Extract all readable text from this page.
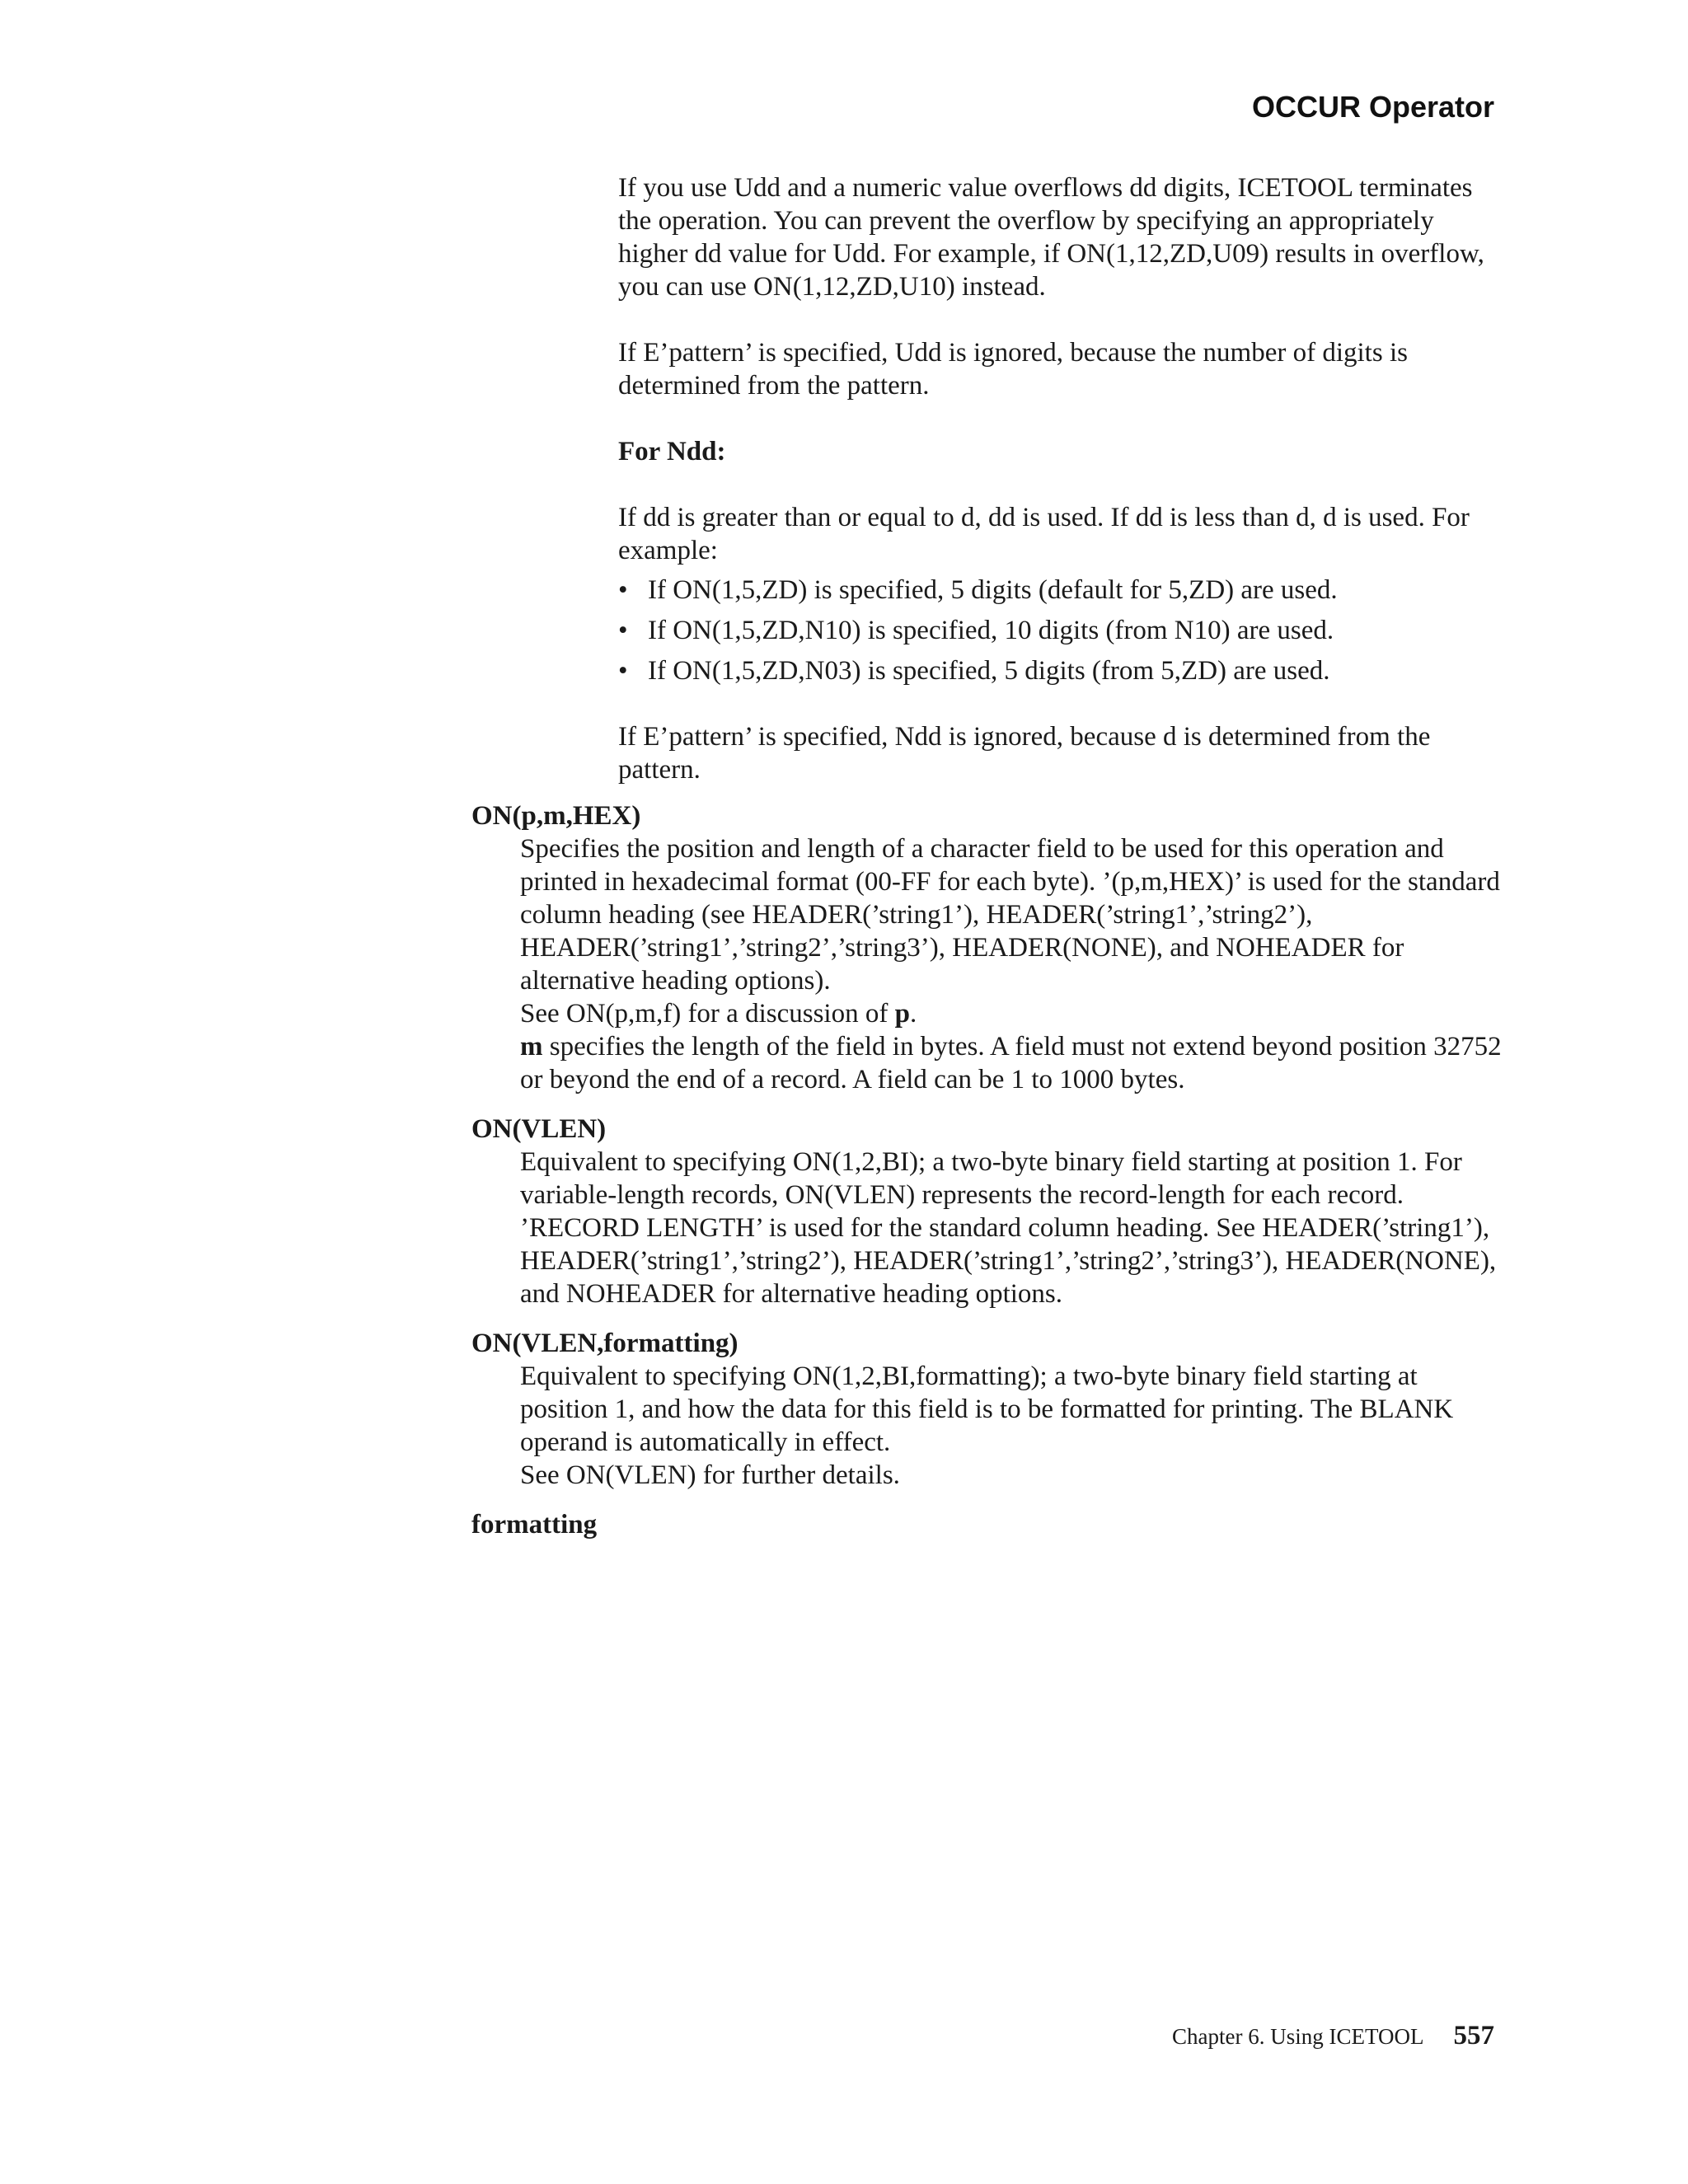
OCCUR Operator

If you use Udd and a numeric value overflows dd digits, ICETOOL terminates the operation. You can prevent the overflow by specifying an appropriately higher dd value for Udd. For example, if ON(1,12,ZD,U09) results in overflow, you can use ON(1,12,ZD,U10) instead.

If E’pattern’ is specified, Udd is ignored, because the number of digits is determined from the pattern.

For Ndd:

If dd is greater than or equal to d, dd is used. If dd is less than d, d is used. For example:

• If ON(1,5,ZD) is specified, 5 digits (default for 5,ZD) are used.
• If ON(1,5,ZD,N10) is specified, 10 digits (from N10) are used.
• If ON(1,5,ZD,N03) is specified, 5 digits (from 5,ZD) are used.

If E’pattern’ is specified, Ndd is ignored, because d is determined from the pattern.

ON(p,m,HEX)

Specifies the position and length of a character field to be used for this operation and printed in hexadecimal format (00-FF for each byte). ’(p,m,HEX)’ is used for the standard column heading (see HEADER(’string1’), HEADER(’string1’,’string2’), HEADER(’string1’,’string2’,’string3’), HEADER(NONE), and NOHEADER for alternative heading options).

See ON(p,m,f) for a discussion of p.

m specifies the length of the field in bytes. A field must not extend beyond position 32752 or beyond the end of a record. A field can be 1 to 1000 bytes.

ON(VLEN)

Equivalent to specifying ON(1,2,BI); a two-byte binary field starting at position 1. For variable-length records, ON(VLEN) represents the record-length for each record. ’RECORD LENGTH’ is used for the standard column heading. See HEADER(’string1’), HEADER(’string1’,’string2’), HEADER(’string1’,’string2’,’string3’), HEADER(NONE), and NOHEADER for alternative heading options.

ON(VLEN,formatting)

Equivalent to specifying ON(1,2,BI,formatting); a two-byte binary field starting at position 1, and how the data for this field is to be formatted for printing. The BLANK operand is automatically in effect.

See ON(VLEN) for further details.

formatting
Chapter 6. Using ICETOOL 557
